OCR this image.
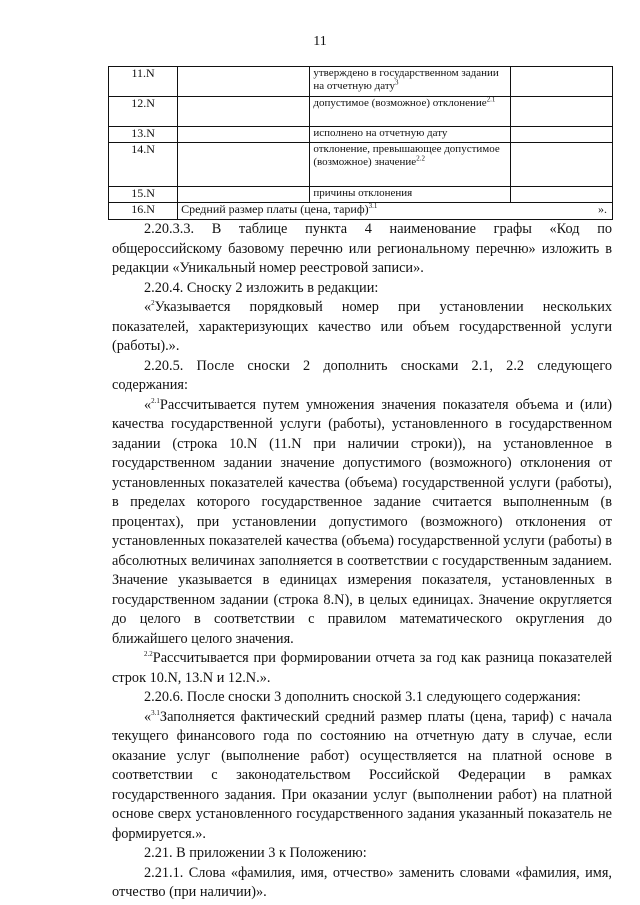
11
11.N		утверждено в государственном задании на отчетную дату$^3$	
12.N		допустимое (возможное) отклонение$^{2.1}$	
13.N		исполнено на отчетную дату	
14.N		отклонение, превышающее допустимое (возможное) значение$^{2.2}$	
15.N		причины отклонения	
16.N	Средний размер платы (цена, тариф)$^{3.1}$ ».		

2.20.3.3. В таблице пункта 4 наименование графы «Код по общероссийскому базовому перечню или региональному перечню» изложить в редакции «Уникальный номер реестровой записи».

2.20.4. Сноску 2 изложить в редакции:

«$^2$Указывается порядковый номер при установлении нескольких показателей, характеризующих качество или объем государственной услуги (работы).».

2.20.5. После сноски 2 дополнить сносками 2.1, 2.2 следующего содержания:

«$^{2.1}$Рассчитывается путем умножения значения показателя объема и (или) качества государственной услуги (работы), установленного в государственном задании (строка 10.N (11.N при наличии строки)), на установленное в государственном задании значение допустимого (возможного) отклонения от установленных показателей качества (объема) государственной услуги (работы), в пределах которого государственное задание считается выполненным (в процентах), при установлении допустимого (возможного) отклонения от установленных показателей качества (объема) государственной услуги (работы) в абсолютных величинах заполняется в соответствии с государственным заданием. Значение указывается в единицах измерения показателя, установленных в государственном задании (строка 8.N), в целых единицах. Значение округляется до целого в соответствии с правилом математического округления до ближайшего целого значения.

$^{2.2}$Рассчитывается при формировании отчета за год как разница показателей строк 10.N, 13.N и 12.N.».

2.20.6. После сноски 3 дополнить сноской 3.1 следующего содержания:

«$^{3.1}$Заполняется фактический средний размер платы (цена, тариф) с начала текущего финансового года по состоянию на отчетную дату в случае, если оказание услуг (выполнение работ) осуществляется на платной основе в соответствии с законодательством Российской Федерации в рамках государственного задания. При оказании услуг (выполнении работ) на платной основе сверх установленного государственного задания указанный показатель не формируется.».

2.21. В приложении 3 к Положению:

2.21.1. Слова «фамилия, имя, отчество» заменить словами «фамилия, имя, отчество (при наличии)».
